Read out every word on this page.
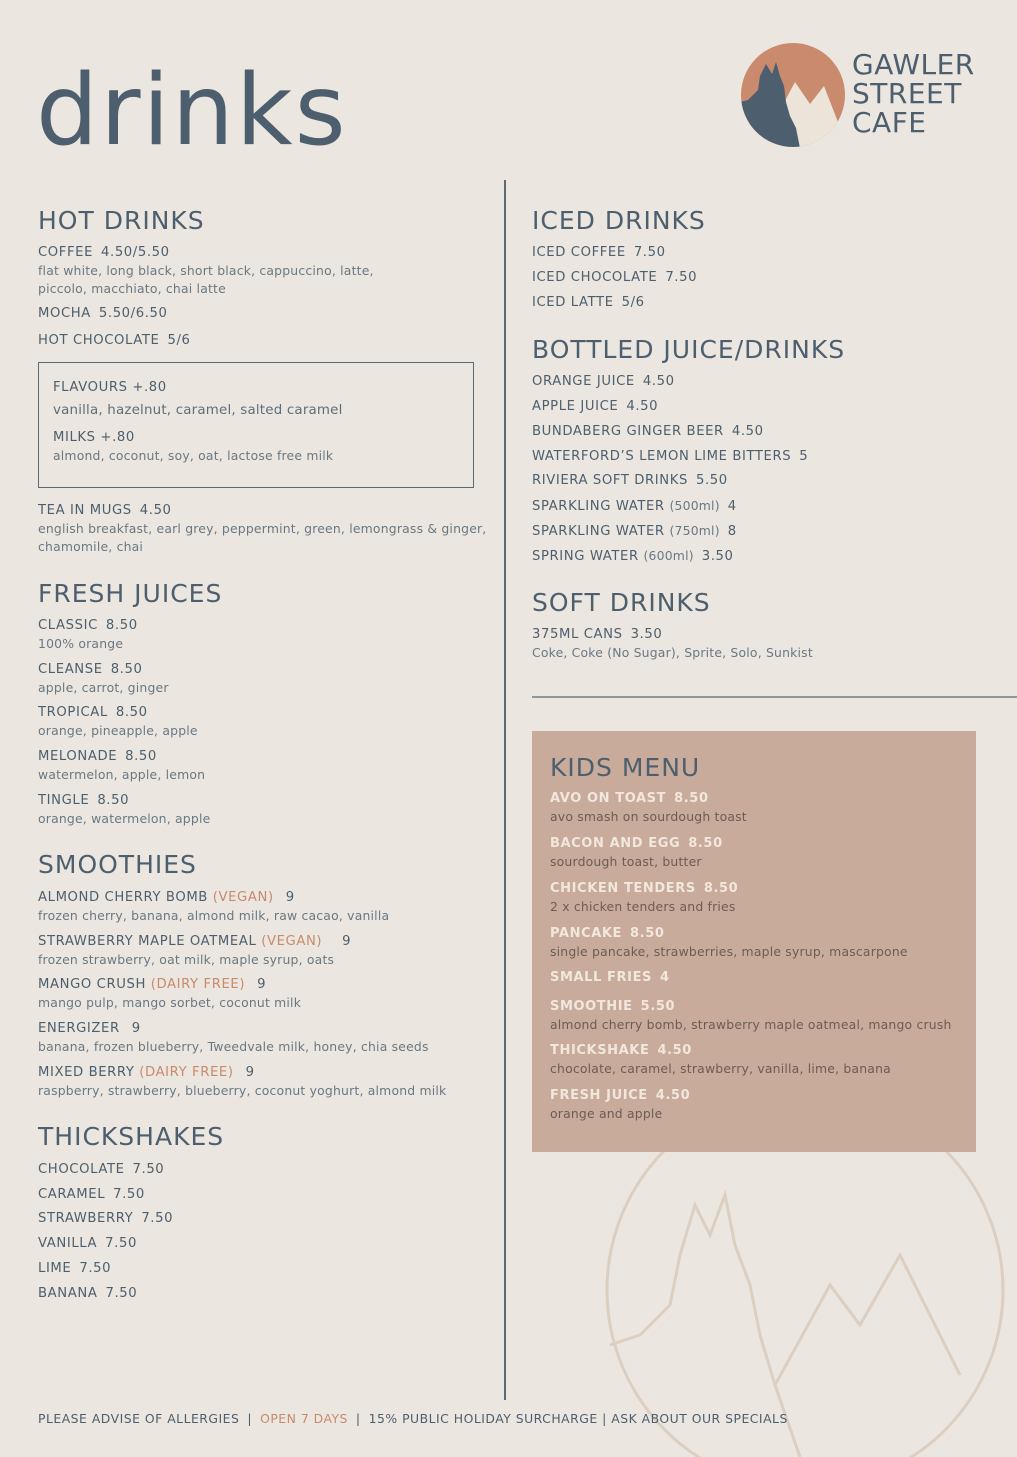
drinks	GAWLER
STREET
CAFE
HOT DRINKS
COFFEE 4.50/5.50
flat white, long black, short black, cappuccino, latte, piccolo, macchiato, chai latte
MOCHA 5.50/6.50
HOT CHOCOLATE 5/6
FLAVOURS +.80
vanilla, hazelnut, caramel, salted caramel
MILKS +.80
almond, coconut, soy, oat, lactose free milk
TEA IN MUGS 4.50
english breakfast, earl grey, peppermint, green, lemongrass & ginger, chamomile, chai
FRESH JUICES
CLASSIC 8.50
100% orange
CLEANSE 8.50
apple, carrot, ginger
TROPICAL 8.50
orange, pineapple, apple
MELONADE 8.50
watermelon, apple, lemon
TINGLE 8.50
orange, watermelon, apple
SMOOTHIES
ALMOND CHERRY BOMB (VEGAN) 9
frozen cherry, banana, almond milk, raw cacao, vanilla
STRAWBERRY MAPLE OATMEAL (VEGAN) 9
frozen strawberry, oat milk, maple syrup, oats
MANGO CRUSH (DAIRY FREE) 9
mango pulp, mango sorbet, coconut milk
ENERGIZER 9
banana, frozen blueberry, Tweedvale milk, honey, chia seeds
MIXED BERRY (DAIRY FREE) 9
raspberry, strawberry, blueberry, coconut yoghurt, almond milk
THICKSHAKES
CHOCOLATE 7.50
CARAMEL 7.50
STRAWBERRY 7.50
VANILLA 7.50
LIME 7.50
BANANA 7.50
ICED DRINKS
ICED COFFEE 7.50
ICED CHOCOLATE 7.50
ICED LATTE 5/6
BOTTLED JUICE/DRINKS
ORANGE JUICE 4.50
APPLE JUICE 4.50
BUNDABERG GINGER BEER 4.50
WATERFORD’S LEMON LIME BITTERS 5
RIVIERA SOFT DRINKS 5.50
SPARKLING WATER (500ml) 4
SPARKLING WATER (750ml) 8
SPRING WATER (600ml) 3.50
SOFT DRINKS
375ML CANS 3.50
Coke, Coke (No Sugar), Sprite, Solo, Sunkist
KIDS MENU
AVO ON TOAST 8.50
avo smash on sourdough toast
BACON AND EGG 8.50
sourdough toast, butter
CHICKEN TENDERS 8.50
2 x chicken tenders and fries
PANCAKE 8.50
single pancake, strawberries, maple syrup, mascarpone
SMALL FRIES 4
SMOOTHIE 5.50
almond cherry bomb, strawberry maple oatmeal, mango crush
THICKSHAKE 4.50
chocolate, caramel, strawberry, vanilla, lime, banana
FRESH JUICE 4.50
orange and apple
PLEASE ADVISE OF ALLERGIES | OPEN 7 DAYS | 15% PUBLIC HOLIDAY SURCHARGE | ASK ABOUT OUR SPECIALS
